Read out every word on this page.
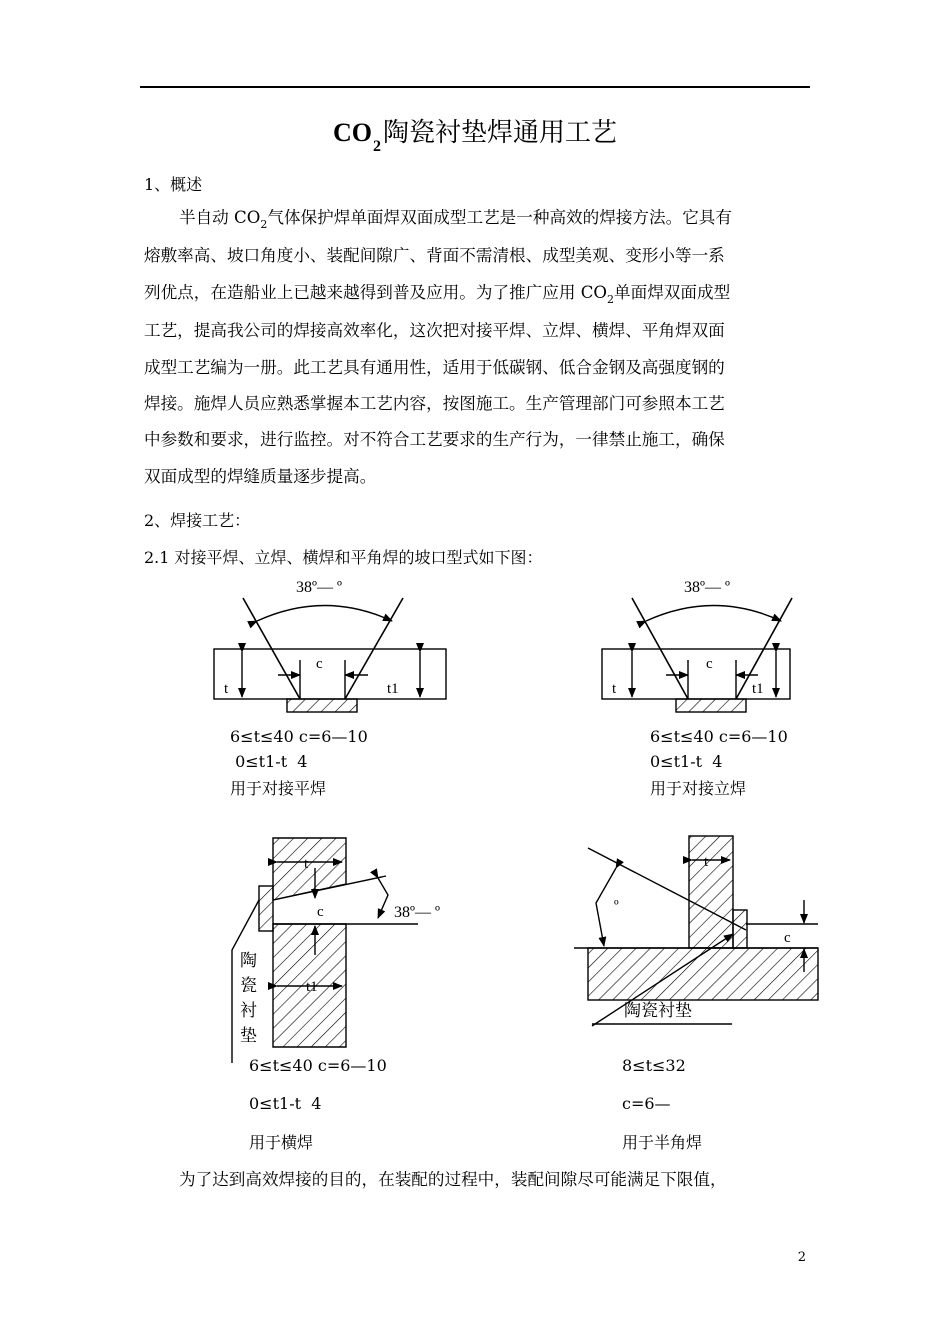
$CO_2$陶瓷衬垫焊通用工艺
1、概述
半自动 $CO_2$气体保护焊单面焊双面成型工艺是一种高效的焊接方法。它具有
熔敷率高、坡口角度小、装配间隙广、背面不需清根、成型美观、变形小等一系
列优点，在造船业上已越来越得到普及应用。为了推广应用 $CO_2$单面焊双面成型
工艺，提高我公司的焊接高效率化，这次把对接平焊、立焊、横焊、平角焊双面
成型工艺编为一册。此工艺具有通用性，适用于低碳钢、低合金钢及高强度钢的
焊接。施焊人员应熟悉掌握本工艺内容，按图施工。生产管理部门可参照本工艺
中参数和要求，进行监控。对不符合工艺要求的生产行为，一律禁止施工，确保
双面成型的焊缝质量逐步提高。
2、焊接工艺：
2.1 对接平焊、立焊、横焊和平角焊的坡口型式如下图：
38º— º
c
t	t1
38º— º
c
t	t1
t
c
t1
38º— º
陶
瓷
衬
垫
t
º
c
陶瓷衬垫
6≤t≤40 c=6—10
0≤t1-t  4
用于对接平焊
6≤t≤40 c=6—10
0≤t1-t  4
用于对接立焊
6≤t≤40 c=6—10
0≤t1-t  4
用于横焊
8≤t≤32
c=6—
用于半角焊
为了达到高效焊接的目的，在装配的过程中，装配间隙尽可能满足下限值，
2
